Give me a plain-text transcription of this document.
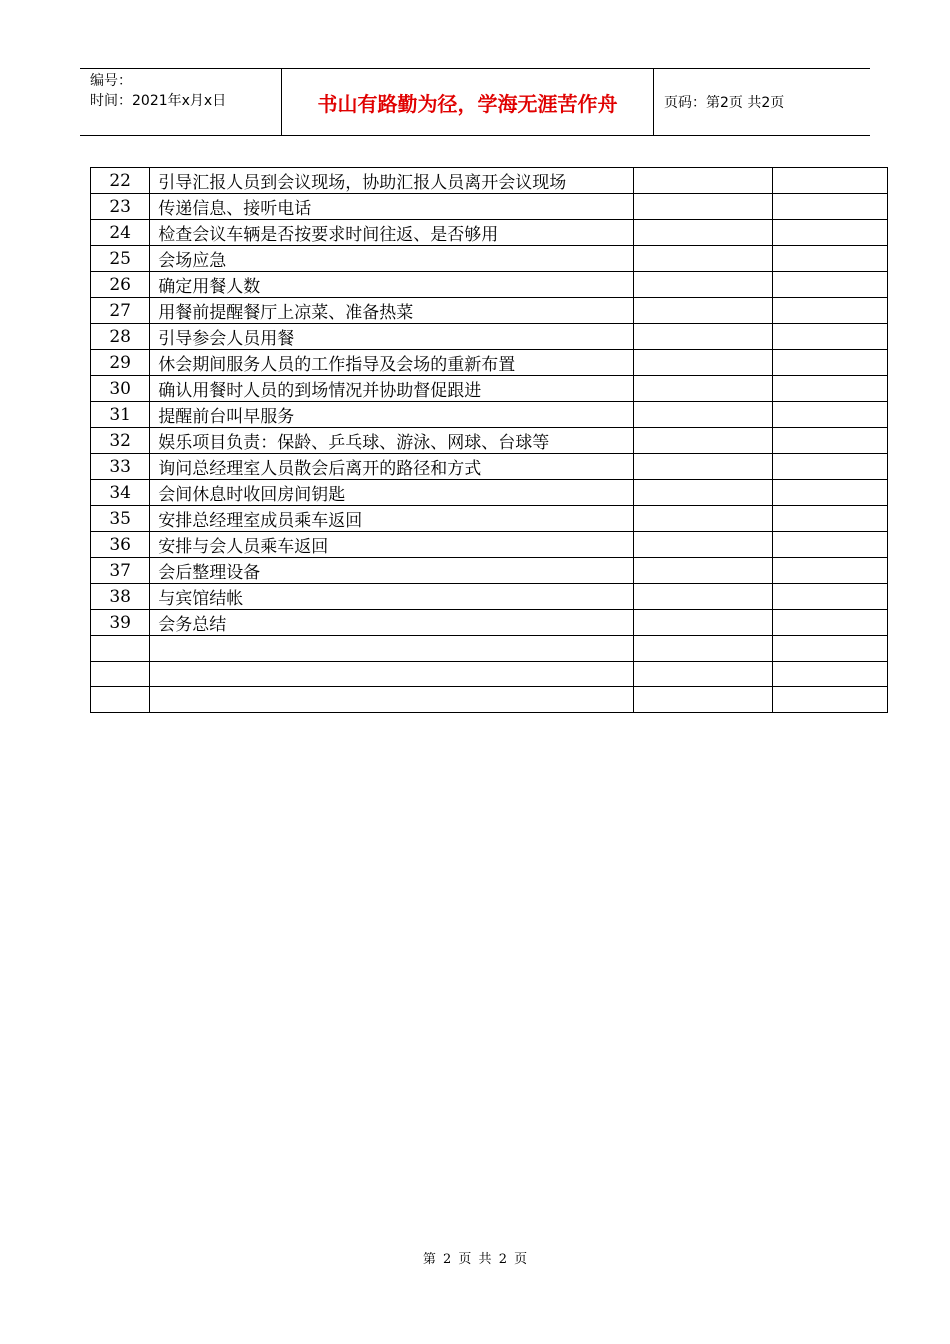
编号：
时间：2021年x月x日	书山有路勤为径，学海无涯苦作舟	页码：第2页 共2页
22	引导汇报人员到会议现场，协助汇报人员离开会议现场		
23	传递信息、接听电话		
24	检查会议车辆是否按要求时间往返、是否够用		
25	会场应急		
26	确定用餐人数		
27	用餐前提醒餐厅上凉菜、准备热菜		
28	引导参会人员用餐		
29	休会期间服务人员的工作指导及会场的重新布置		
30	确认用餐时人员的到场情况并协助督促跟进		
31	提醒前台叫早服务		
32	娱乐项目负责：保龄、乒乓球、游泳、网球、台球等		
33	询问总经理室人员散会后离开的路径和方式		
34	会间休息时收回房间钥匙		
35	安排总经理室成员乘车返回		
36	安排与会人员乘车返回		
37	会后整理设备		
38	与宾馆结帐		
39	会务总结		

第 2 页 共 2 页
